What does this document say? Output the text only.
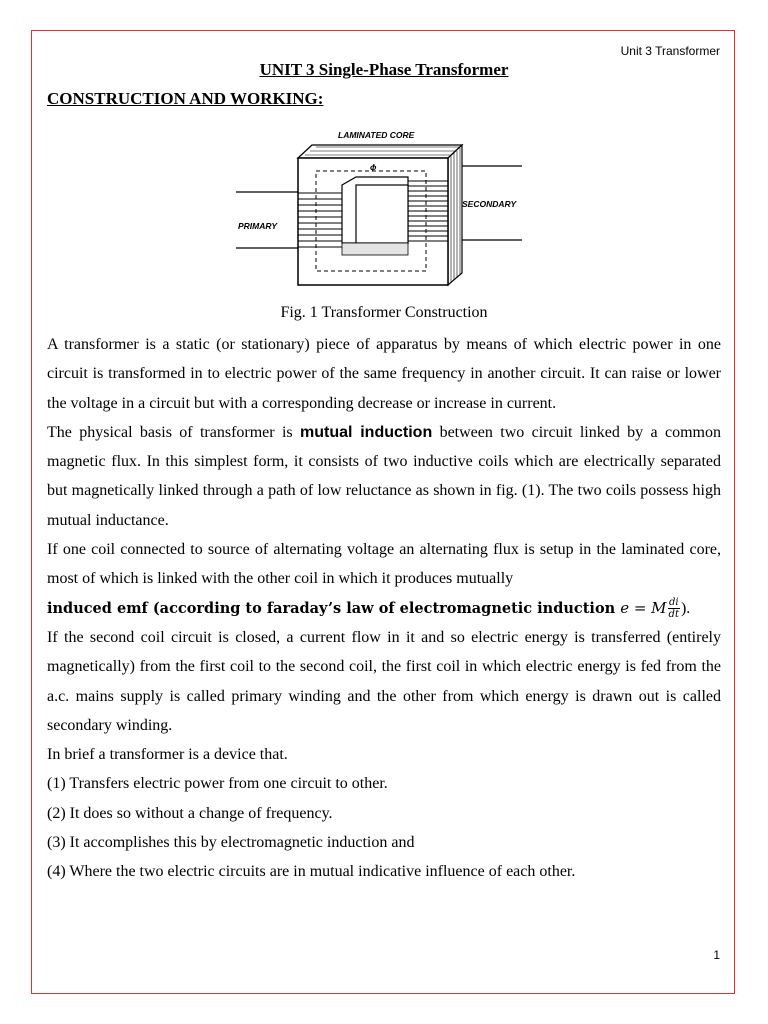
Unit 3 Transformer
UNIT 3 Single-Phase Transformer
CONSTRUCTION AND WORKING:
LAMINATED CORE
ϕ
PRIMARY
SECONDARY
Fig. 1 Transformer Construction

A transformer is a static (or stationary) piece of apparatus by means of which electric power in one circuit is transformed in to electric power of the same frequency in another circuit. It can raise or lower the voltage in a circuit but with a corresponding decrease or increase in current.

The physical basis of transformer is mutual induction between two circuit linked by a common magnetic flux. In this simplest form, it consists of two inductive coils which are electrically separated but magnetically linked through a path of low reluctance as shown in fig. (1). The two coils possess high mutual inductance.

If one coil connected to source of alternating voltage an alternating flux is setup in the laminated core, most of which is linked with the other coil in which it produces mutually
induced emf (according to faraday’s law of electromagnetic induction e = M $\frac{di}{dt}$ ).

If the second coil circuit is closed, a current flow in it and so electric energy is transferred (entirely magnetically) from the first coil to the second coil, the first coil in which electric energy is fed from the a.c. mains supply is called primary winding and the other from which energy is drawn out is called secondary winding.

In brief a transformer is a device that.

(1) Transfers electric power from one circuit to other.

(2) It does so without a change of frequency.

(3) It accomplishes this by electromagnetic induction and

(4) Where the two electric circuits are in mutual indicative influence of each other.

1
